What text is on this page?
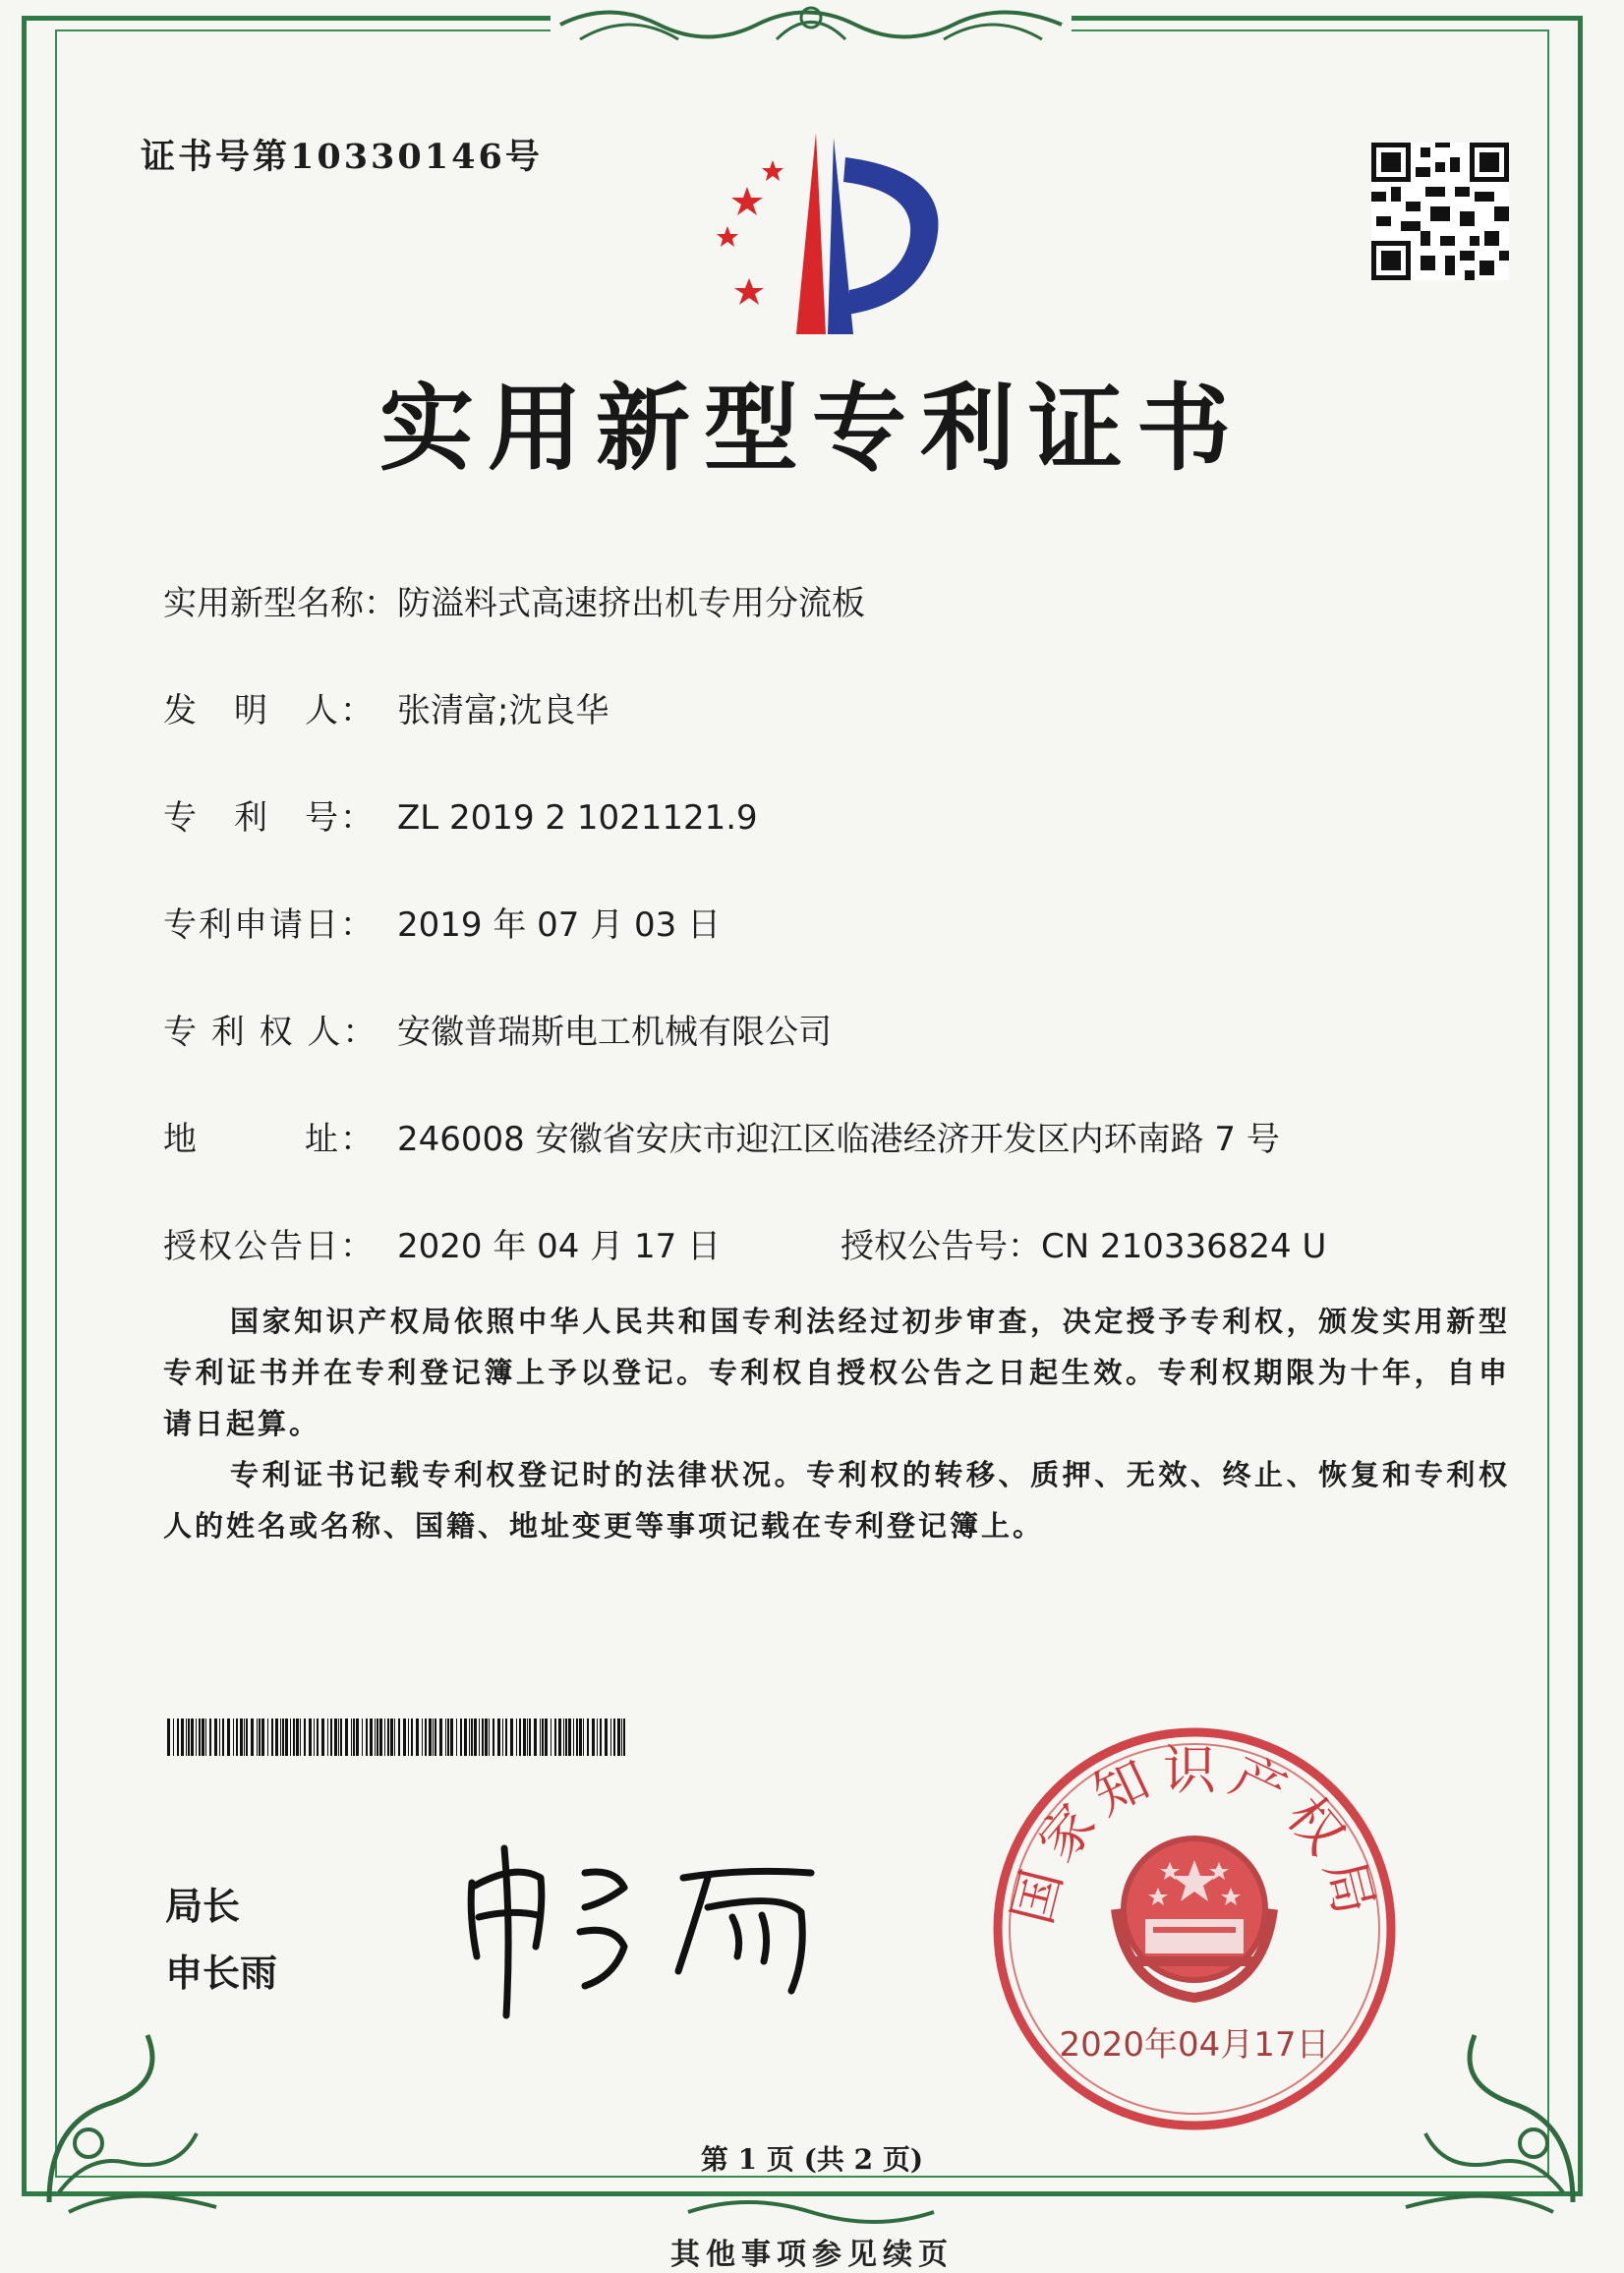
证书号第10330146号
实用新型专利证书
实用新型名称：防溢料式高速挤出机专用分流板
发　明　人： 张清富;沈良华
专　利　号： ZL 2019 2 1021121.9
专利申请日： 2019 年 07 月 03 日
专 利 权 人： 安徽普瑞斯电工机械有限公司
地　　　址： 246008 安徽省安庆市迎江区临港经济开发区内环南路 7 号
授权公告日： 2020 年 04 月 17 日	授权公告号：CN 210336824 U
国家知识产权局依照中华人民共和国专利法经过初步审查，决定授予专利权，颁发实用新型专利证书并在专利登记簿上予以登记。专利权自授权公告之日起生效。专利权期限为十年，自申请日起算。
专利证书记载专利权登记时的法律状况。专利权的转移、质押、无效、终止、恢复和专利权人的姓名或名称、国籍、地址变更等事项记载在专利登记簿上。
局长
申长雨
国家知识产权局
2020年04月17日
第 1 页 (共 2 页)
其他事项参见续页
